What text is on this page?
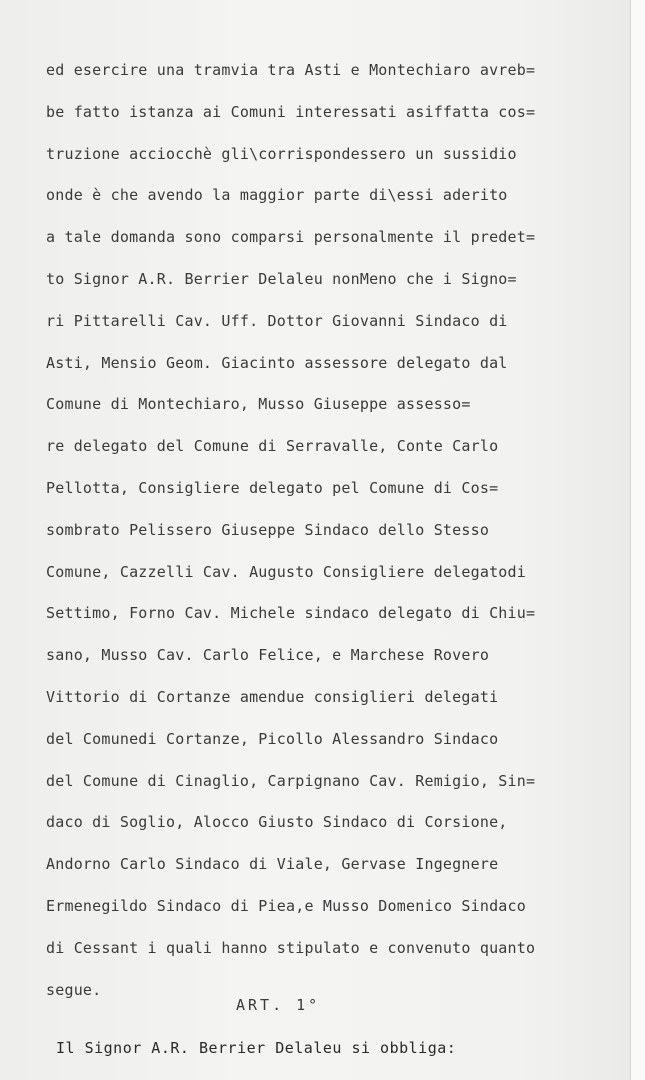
ed esercire una tramvia tra Asti e Montechiaro avreb=
be fatto istanza ai Comuni interessati asiffatta cos=
truzione acciocchè gli\corrispondessero un sussidio
onde è che avendo la maggior parte di\essi aderito
a tale domanda sono comparsi personalmente il predet=
to Signor A.R. Berrier Delaleu nonMeno che i Signo=
ri Pittarelli Cav. Uff. Dottor Giovanni Sindaco di
Asti, Mensio Geom. Giacinto assessore delegato dal
Comune di Montechiaro, Musso Giuseppe assesso=
re delegato del Comune di Serravalle, Conte Carlo
Pellotta, Consigliere delegato pel Comune di Cos=
sombrato Pelissero Giuseppe Sindaco dello Stesso
Comune, Cazzelli Cav. Augusto Consigliere delegatodi
Settimo, Forno Cav. Michele sindaco delegato di Chiu=
sano, Musso Cav. Carlo Felice, e Marchese Rovero
Vittorio di Cortanze amendue consiglieri delegati
del Comunedi Cortanze, Picollo Alessandro Sindaco
del Comune di Cinaglio, Carpignano Cav. Remigio, Sin=
daco di Soglio, Alocco Giusto Sindaco di Corsione,
Andorno Carlo Sindaco di Viale, Gervase Ingegnere
Ermenegildo Sindaco di Piea,e Musso Domenico Sindaco
di Cessant i quali hanno stipulato e convenuto quanto
segue.
ART. 1°
Il Signor A.R. Berrier Delaleu si obbliga:
